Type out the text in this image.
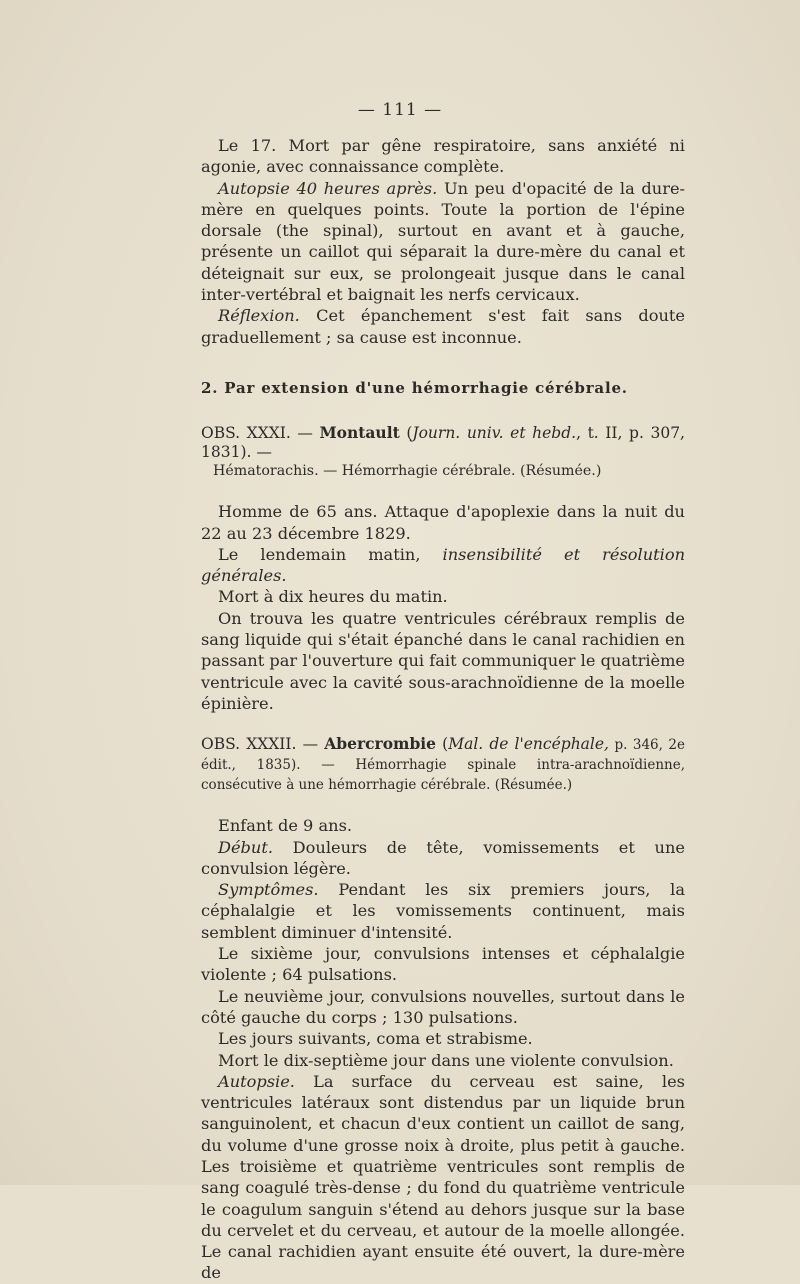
— 111 —

Le 17. Mort par gêne respiratoire, sans anxiété ni agonie, avec connaissance complète.

Autopsie 40 heures après. Un peu d'opacité de la dure-mère en quelques points. Toute la portion de l'épine dorsale (the spinal), surtout en avant et à gauche, présente un caillot qui séparait la dure-mère du canal et déteignait sur eux, se prolongeait jusque dans le canal inter-vertébral et baignait les nerfs cervicaux.

Réflexion. Cet épanchement s'est fait sans doute graduellement ; sa cause est inconnue.

2. Par extension d'une hémorrhagie cérébrale.

OBS. XXXI. — Montault (Journ. univ. et hebd., t. II, p. 307, 1831). —

Hématorachis. — Hémorrhagie cérébrale. (Résumée.)

Homme de 65 ans. Attaque d'apoplexie dans la nuit du 22 au 23 décembre 1829.

Le lendemain matin, insensibilité et résolution générales.

Mort à dix heures du matin.

On trouva les quatre ventricules cérébraux remplis de sang liquide qui s'était épanché dans le canal rachidien en passant par l'ouverture qui fait communiquer le quatrième ventricule avec la cavité sous-arachnoïdienne de la moelle épinière.

OBS. XXXII. — Abercrombie (Mal. de l'encéphale, p. 346, 2e édit., 1835). — Hémorrhagie spinale intra-arachnoïdienne, consécutive à une hémorrhagie cérébrale. (Résumée.)

Enfant de 9 ans.

Début. Douleurs de tête, vomissements et une convulsion légère.

Symptômes. Pendant les six premiers jours, la céphalalgie et les vomissements continuent, mais semblent diminuer d'intensité.

Le sixième jour, convulsions intenses et céphalalgie violente ; 64 pulsations.

Le neuvième jour, convulsions nouvelles, surtout dans le côté gauche du corps ; 130 pulsations.

Les jours suivants, coma et strabisme.

Mort le dix-septième jour dans une violente convulsion.

Autopsie. La surface du cerveau est saine, les ventricules latéraux sont distendus par un liquide brun sanguinolent, et chacun d'eux contient un caillot de sang, du volume d'une grosse noix à droite, plus petit à gauche. Les troisième et quatrième ventricules sont remplis de sang coagulé très-dense ; du fond du quatrième ventricule le coagulum sanguin s'étend au dehors jusque sur la base du cervelet et du cerveau, et autour de la moelle allongée. Le canal rachidien ayant ensuite été ouvert, la dure-mère de
